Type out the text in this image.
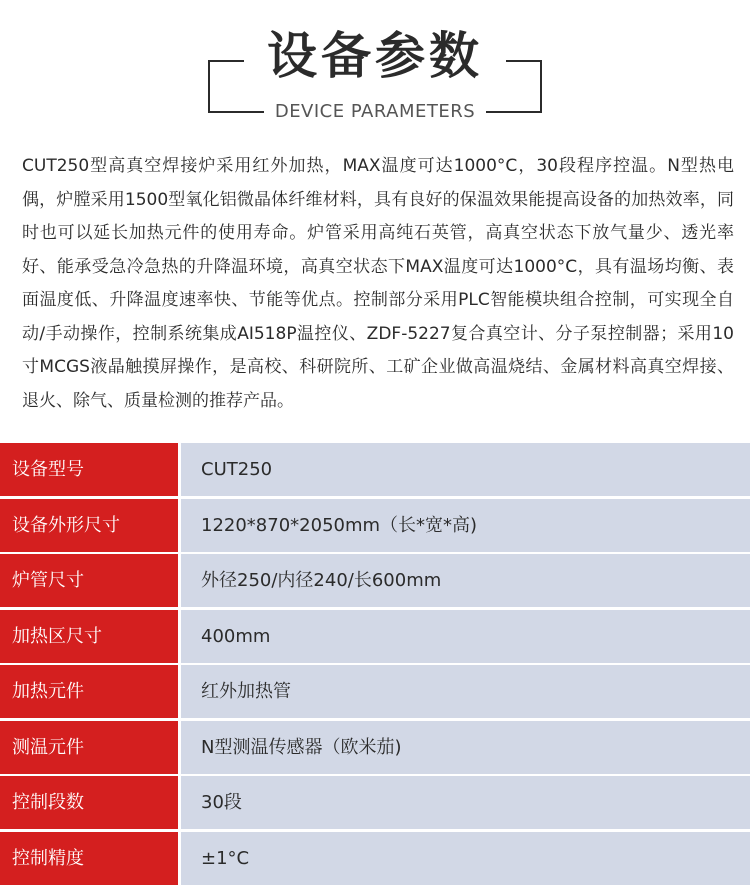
设备参数
DEVICE PARAMETERS

CUT250型高真空焊接炉采用红外加热，MAX温度可达1000°C，30段程序控温。N型热电偶，炉膛采用1500型氧化铝微晶体纤维材料，具有良好的保温效果能提高设备的加热效率，同时也可以延长加热元件的使用寿命。炉管采用高纯石英管，高真空状态下放气量少、透光率好、能承受急冷急热的升降温环境，高真空状态下MAX温度可达1000°C，具有温场均衡、表面温度低、升降温度速率快、节能等优点。控制部分采用PLC智能模块组合控制，可实现全自动/手动操作，控制系统集成AI518P温控仪、ZDF-5227复合真空计、分子泵控制器；采用10寸MCGS液晶触摸屏操作，是高校、科研院所、工矿企业做高温烧结、金属材料高真空焊接、退火、除气、质量检测的推荐产品。

设备型号	CUT250
设备外形尺寸	1220*870*2050mm（长*宽*高)
炉管尺寸	外径250/内径240/长600mm
加热区尺寸	400mm
加热元件	红外加热管
测温元件	N型测温传感器（欧米茄)
控制段数	30段
控制精度	±1°C
